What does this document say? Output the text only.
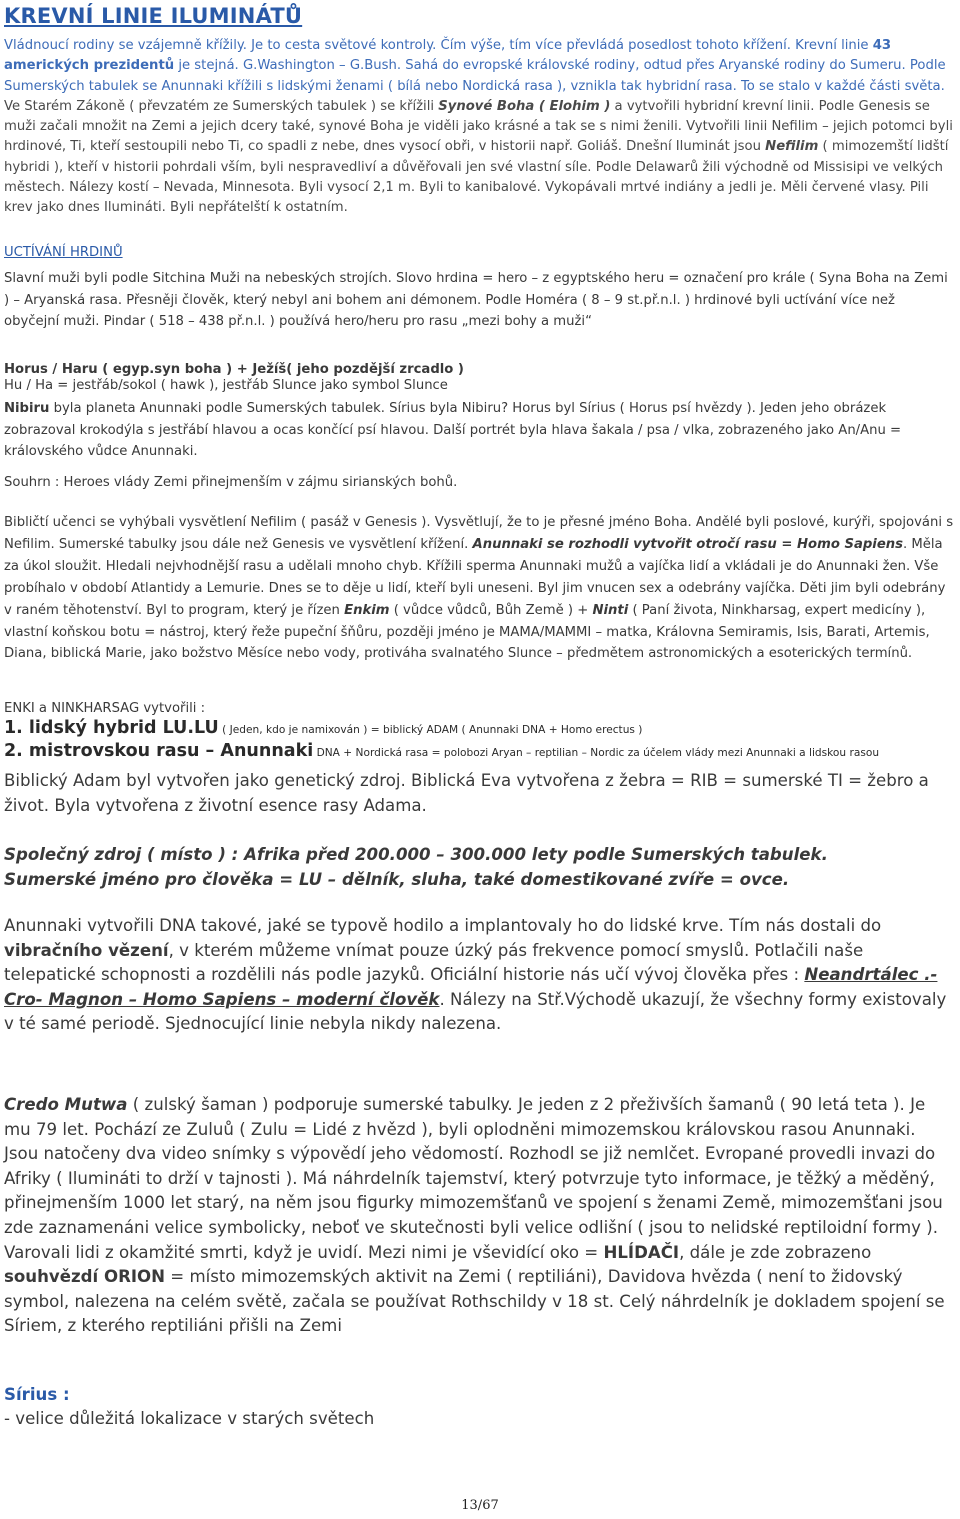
KREVNÍ LINIE ILUMINÁTŮ

Vládnoucí rodiny se vzájemně křížily. Je to cesta světové kontroly. Čím výše, tím více převládá posedlost tohoto křížení. Krevní linie 43 amerických prezidentů je stejná. G.Washington – G.Bush. Sahá do evropské královské rodiny, odtud přes Aryanské rodiny do Sumeru. Podle Sumerských tabulek se Anunnaki křížili s lidskými ženami ( bílá nebo Nordická rasa ), vznikla tak hybridní rasa. To se stalo v každé části světa. Ve Starém Zákoně ( převzatém ze Sumerských tabulek ) se křížili Synové Boha ( Elohim ) a vytvořili hybridní krevní linii. Podle Genesis se muži začali množit na Zemi a jejich dcery také, synové Boha je viděli jako krásné a tak se s nimi ženili. Vytvořili linii Nefilim – jejich potomci byli hrdinové, Ti, kteří sestoupili nebo Ti, co spadli z nebe, dnes vysocí obři, v historii např. Goliáš. Dnešní Iluminát jsou Nefilim ( mimozemští lidští hybridi ), kteří v historii pohrdali vším, byli nespravedliví a důvěřovali jen své vlastní síle. Podle Delawarů žili východně od Missisipi ve velkých městech. Nálezy kostí – Nevada, Minnesota. Byli vysocí 2,1 m. Byli to kanibalové. Vykopávali mrtvé indiány a jedli je. Měli červené vlasy. Pili krev jako dnes Ilumináti. Byli nepřátelští k ostatním.

UCTÍVÁNÍ HRDINŮ

Slavní muži byli podle Sitchina Muži na nebeských strojích. Slovo hrdina = hero – z egyptského heru = označení pro krále ( Syna Boha na Zemi ) – Aryanská rasa. Přesněji člověk, který nebyl ani bohem ani démonem. Podle Homéra ( 8 – 9 st.př.n.l. ) hrdinové byli uctívání více než obyčejní muži. Pindar ( 518 – 438 př.n.l. ) používá hero/heru pro rasu „mezi bohy a muži“

Horus / Haru ( egyp.syn boha ) + Ježíš( jeho pozdější zrcadlo )

Hu / Ha = jestřáb/sokol ( hawk ), jestřáb Slunce jako symbol Slunce

Nibiru byla planeta Anunnaki podle Sumerských tabulek. Sírius byla Nibiru? Horus byl Sírius ( Horus psí hvězdy ). Jeden jeho obrázek zobrazoval krokodýla s jestřábí hlavou a ocas končící psí hlavou. Další portrét byla hlava šakala / psa / vlka, zobrazeného jako An/Anu = královského vůdce Anunnaki.

Souhrn : Heroes vlády Zemi přinejmenším v zájmu sirianských bohů.

Bibličtí učenci se vyhýbali vysvětlení Nefilim ( pasáž v Genesis ). Vysvětlují, že to je přesné jméno Boha. Andělé byli poslové, kurýři, spojováni s Nefilim. Sumerské tabulky jsou dále než Genesis ve vysvětlení křížení. Anunnaki se rozhodli vytvořit otročí rasu = Homo Sapiens. Měla za úkol sloužit. Hledali nejvhodnější rasu a udělali mnoho chyb. Křížili sperma Anunnaki mužů a vajíčka lidí a vkládali je do Anunnaki žen. Vše probíhalo v období Atlantidy a Lemurie. Dnes se to děje u lidí, kteří byli uneseni. Byl jim vnucen sex a odebrány vajíčka. Děti jim byli odebrány v raném těhotenství. Byl to program, který je řízen Enkim ( vůdce vůdců, Bůh Země ) + Ninti ( Paní života, Ninkharsag, expert medicíny ), vlastní koňskou botu = nástroj, který řeže pupeční šňůru, později jméno je MAMA/MAMMI – matka, Královna Semiramis, Isis, Barati, Artemis, Diana, biblická Marie, jako božstvo Měsíce nebo vody, protiváha svalnatého Slunce – předmětem astronomických a esoterických termínů.

ENKI a NINKHARSAG vytvořili :

1. lidský hybrid LU.LU ( Jeden, kdo je namixován ) = biblický ADAM ( Anunnaki DNA + Homo erectus )

2. mistrovskou rasu – Anunnaki DNA + Nordická rasa = polobozi Aryan – reptilian – Nordic za účelem vlády mezi Anunnaki a lidskou rasou

Biblický Adam byl vytvořen jako genetický zdroj. Biblická Eva vytvořena z žebra = RIB = sumerské TI = žebro a život. Byla vytvořena z životní esence rasy Adama.

Společný zdroj ( místo ) : Afrika před 200.000 – 300.000 lety podle Sumerských tabulek.
Sumerské jméno pro člověka = LU – dělník, sluha, také domestikované zvíře = ovce.

Anunnaki vytvořili DNA takové, jaké se typově hodilo a implantovaly ho do lidské krve. Tím nás dostali do vibračního vězení, v kterém můžeme vnímat pouze úzký pás frekvence pomocí smyslů. Potlačili naše telepatické schopnosti a rozdělili nás podle jazyků. Oficiální historie nás učí vývoj člověka přes : Neandrtálec .- Cro- Magnon – Homo Sapiens – moderní člověk. Nálezy na Stř.Východě ukazují, že všechny formy existovaly v té samé periodě. Sjednocující linie nebyla nikdy nalezena.

Credo Mutwa ( zulský šaman ) podporuje sumerské tabulky. Je jeden z 2 přeživších šamanů ( 90 letá teta ). Je mu 79 let. Pochází ze Zuluů ( Zulu = Lidé z hvězd ), byli oplodněni mimozemskou královskou rasou Anunnaki. Jsou natočeny dva video snímky s výpovědí jeho vědomostí. Rozhodl se již nemlčet. Evropané provedli invazi do Afriky ( Ilumináti to drží v tajnosti ). Má náhrdelník tajemství, který potvrzuje tyto informace, je těžký a měděný, přinejmenším 1000 let starý, na něm jsou figurky mimozemšťanů ve spojení s ženami Země, mimozemšťani jsou zde zaznamenáni velice symbolicky, neboť ve skutečnosti byli velice odlišní ( jsou to nelidské reptiloidní formy ). Varovali lidi z okamžité smrti, když je uvidí. Mezi nimi je vševidící oko = HLÍDAČI, dále je zde zobrazeno souhvězdí ORION = místo mimozemských aktivit na Zemi ( reptiliáni), Davidova hvězda ( není to židovský symbol, nalezena na celém světě, začala se používat Rothschildy v 18 st. Celý náhrdelník je dokladem spojení se Síriem, z kterého reptiliáni přišli na Zemi

Sírius :

- velice důležitá lokalizace v starých světech

13/67
